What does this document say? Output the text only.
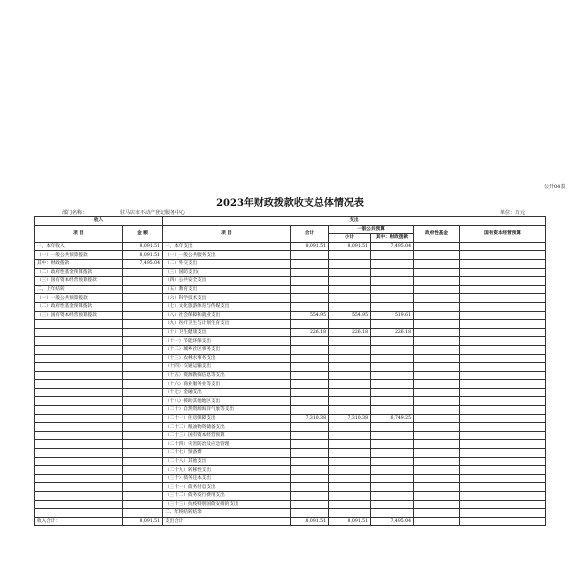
公开04表
2023年财政拨款收支总体情况表
部门名称：	驻马店市不动产登记服务中心	单位：万元
收入		支出					
项 目	金 额	项 目	合计	一般公共预算		政府性基金	国有资本经营预算
				小计	其中：财政拨款		
一、本年收入	8,091.51	一、本年支出	8,091.51	8,091.51	7,495.04		
（一）一般公共预算拨款	8,091.51	（一）一般公共服务支出					
其中：财政拨款	7,495.04	（二）外交支出					
（二）政府性基金预算拨款		（三）国防支出(					
（三）国有资本经营预算拨款		（四）公共安全支出					
二、上年结转		（五）教育支出					
（一）一般公共预算拨款		（六）科学技术支出					
（二）政府性基金预算拨款		（七）文化旅游体育与传媒支出					
（三）国有资本经营预算拨款		（八）社会保障和就业支出	554.95	554.95	519.61		
		（九）医疗卫生与计划生育支出					
		（十）卫生健康支出	226.18	226.18	226.18		
		（十一）节能环保支出					
		（十二）城乡社区事务支出					
		（十三）农林水事务支出					
		（十四）交通运输支出					
		（十五）资源勘探信息等支出					
		（十六）商业服务业等支出					
		（十七）金融支出					
		（十八）援助其他地区支出					
		（二十）自然资源海洋气象等支出					
		（二十一）住房保障支出	7,310.38	7,310.38	6,749.25		
		（二十二）粮油物资储备支出					
		（二十三）国有资本经营预算					
		（二十四）灾害防治及应急管理					
		（二十七）预备费					
		（二十八）其他支出					
		（二十九）转移性支出					
		（三十）债务还本支出					
		（三十一）债务付息支出					
		（三十二）债务发行费用支出					
		（三十三）抗疫特别国债安排的支出					
		二、年终结转结余					
收入合计：	8,091.51	支出合计	8,091.51	8,091.51	7,495.04		
